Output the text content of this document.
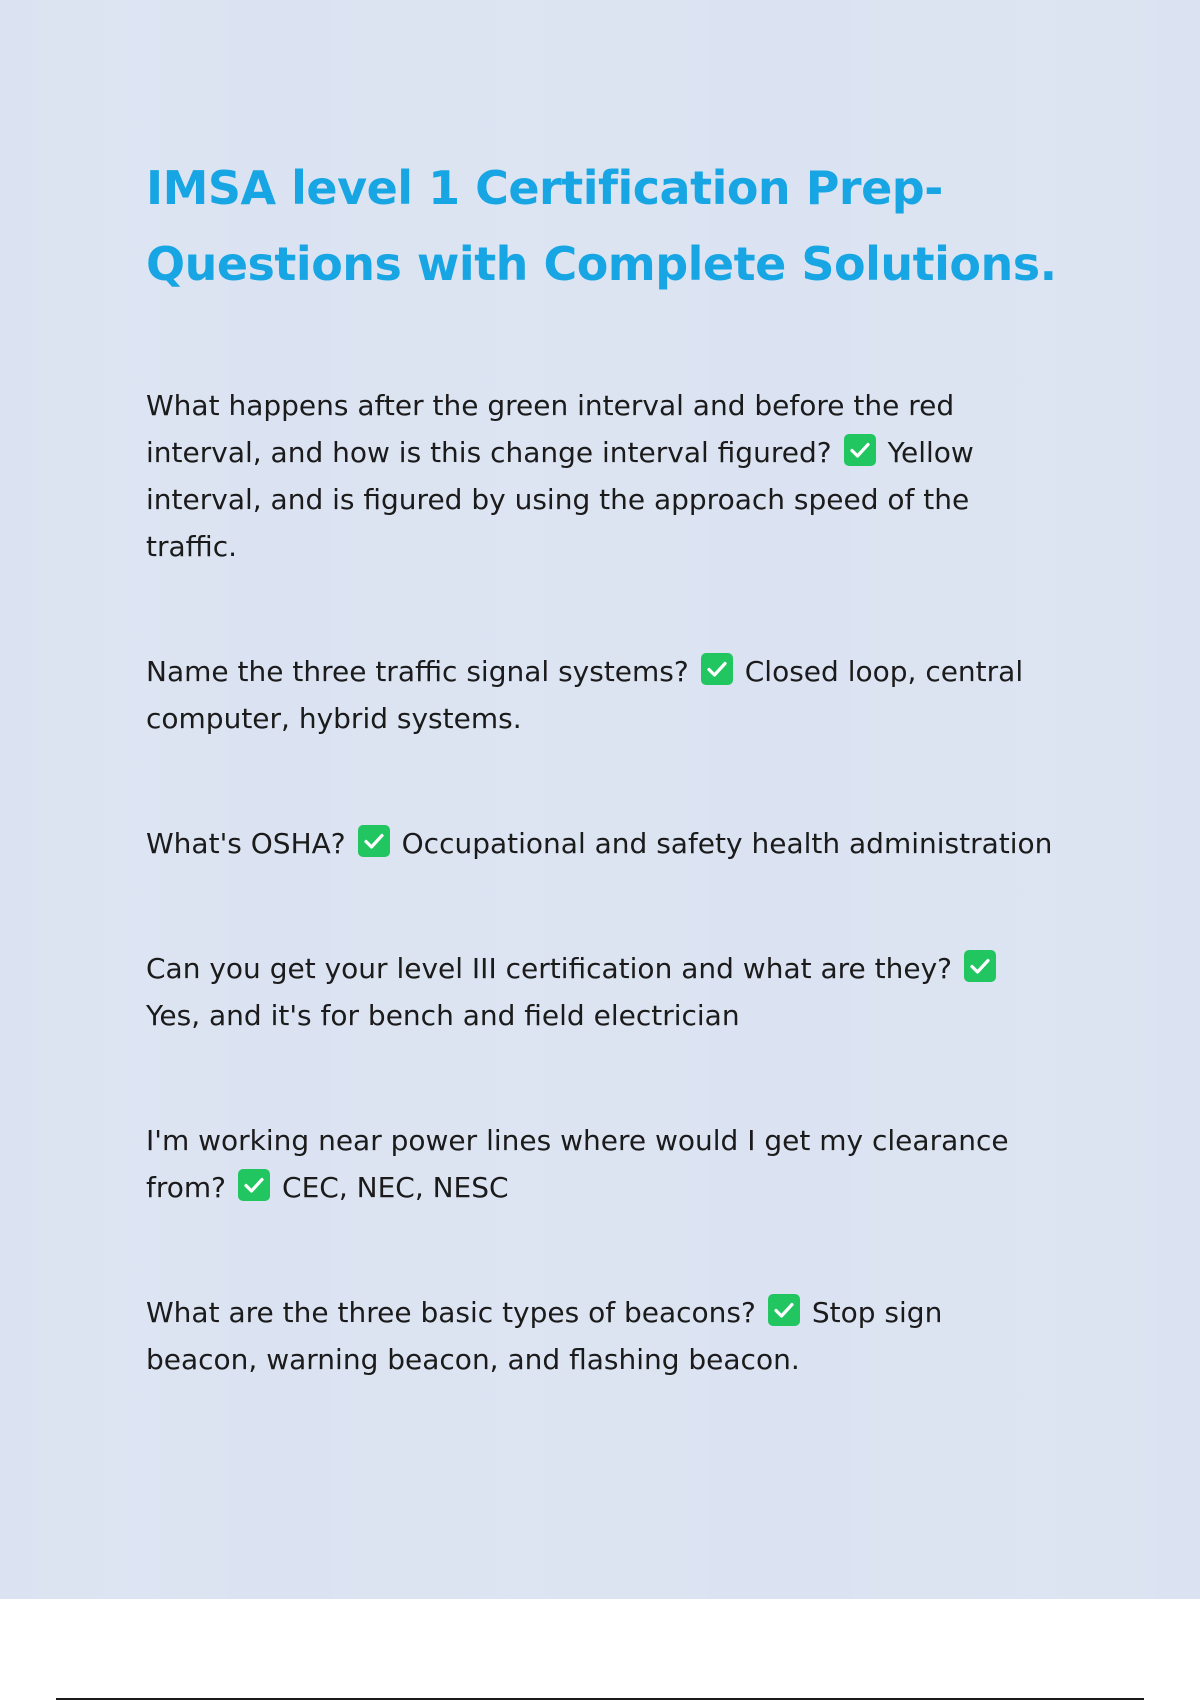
IMSA level 1 Certification Prep-
Questions with Complete Solutions.
What happens after the green interval and before the red
interval, and how is this change interval figured? Yellow
interval, and is figured by using the approach speed of the
traffic.
Name the three traffic signal systems? Closed loop, central
computer, hybrid systems.
What's OSHA? Occupational and safety health administration
Can you get your level III certification and what are they?
Yes, and it's for bench and field electrician
I'm working near power lines where would I get my clearance
from? CEC, NEC, NESC
What are the three basic types of beacons? Stop sign
beacon, warning beacon, and flashing beacon.
